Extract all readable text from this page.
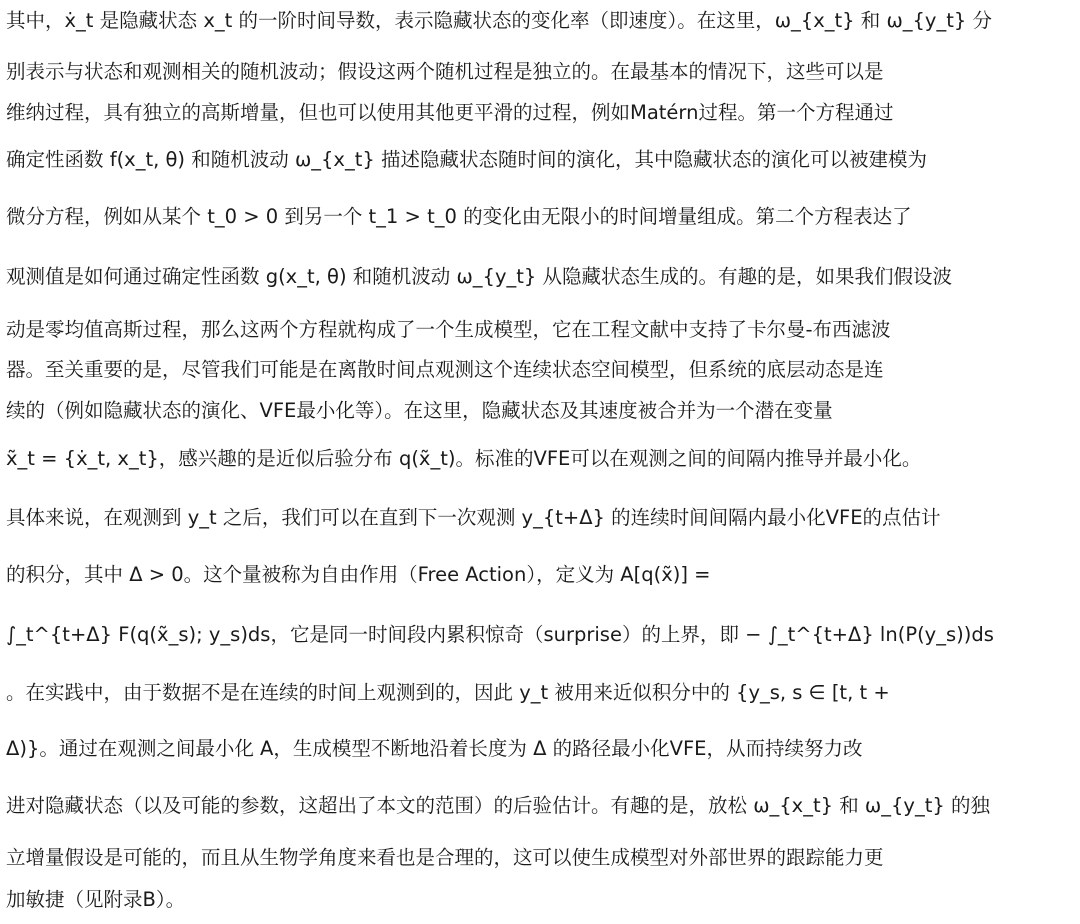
其中，ẋ_t 是隐藏状态 x_t 的一阶时间导数，表示隐藏状态的变化率（即速度）。在这里，ω_{x_t} 和 ω_{y_t} 分
别表示与状态和观测相关的随机波动；假设这两个随机过程是独立的。在最基本的情况下，这些可以是
维纳过程，具有独立的高斯增量，但也可以使用其他更平滑的过程，例如Matérn过程。第一个方程通过
确定性函数 f(x_t, θ) 和随机波动 ω_{x_t} 描述隐藏状态随时间的演化，其中隐藏状态的演化可以被建模为
微分方程，例如从某个 t_0 > 0 到另一个 t_1 > t_0 的变化由无限小的时间增量组成。第二个方程表达了
观测值是如何通过确定性函数 g(x_t, θ) 和随机波动 ω_{y_t} 从隐藏状态生成的。有趣的是，如果我们假设波
动是零均值高斯过程，那么这两个方程就构成了一个生成模型，它在工程文献中支持了卡尔曼-布西滤波
器。至关重要的是，尽管我们可能是在离散时间点观测这个连续状态空间模型，但系统的底层动态是连
续的（例如隐藏状态的演化、VFE最小化等）。在这里，隐藏状态及其速度被合并为一个潜在变量
x̃_t = {ẋ_t, x_t}，感兴趣的是近似后验分布 q(x̃_t)。标准的VFE可以在观测之间的间隔内推导并最小化。
具体来说，在观测到 y_t 之后，我们可以在直到下一次观测 y_{t+Δ} 的连续时间间隔内最小化VFE的点估计
的积分，其中 Δ > 0。这个量被称为自由作用（Free Action），定义为 A[q(x̃)] =
∫_t^{t+Δ} F(q(x̃_s); y_s)ds，它是同一时间段内累积惊奇（surprise）的上界，即 − ∫_t^{t+Δ} ln(P(y_s))ds
。在实践中，由于数据不是在连续的时间上观测到的，因此 y_t 被用来近似积分中的 {y_s, s ∈ [t, t +
Δ)}。通过在观测之间最小化 A，生成模型不断地沿着长度为 Δ 的路径最小化VFE，从而持续努力改
进对隐藏状态（以及可能的参数，这超出了本文的范围）的后验估计。有趣的是，放松 ω_{x_t} 和 ω_{y_t} 的独
立增量假设是可能的，而且从生物学角度来看也是合理的，这可以使生成模型对外部世界的跟踪能力更
加敏捷（见附录B）。
